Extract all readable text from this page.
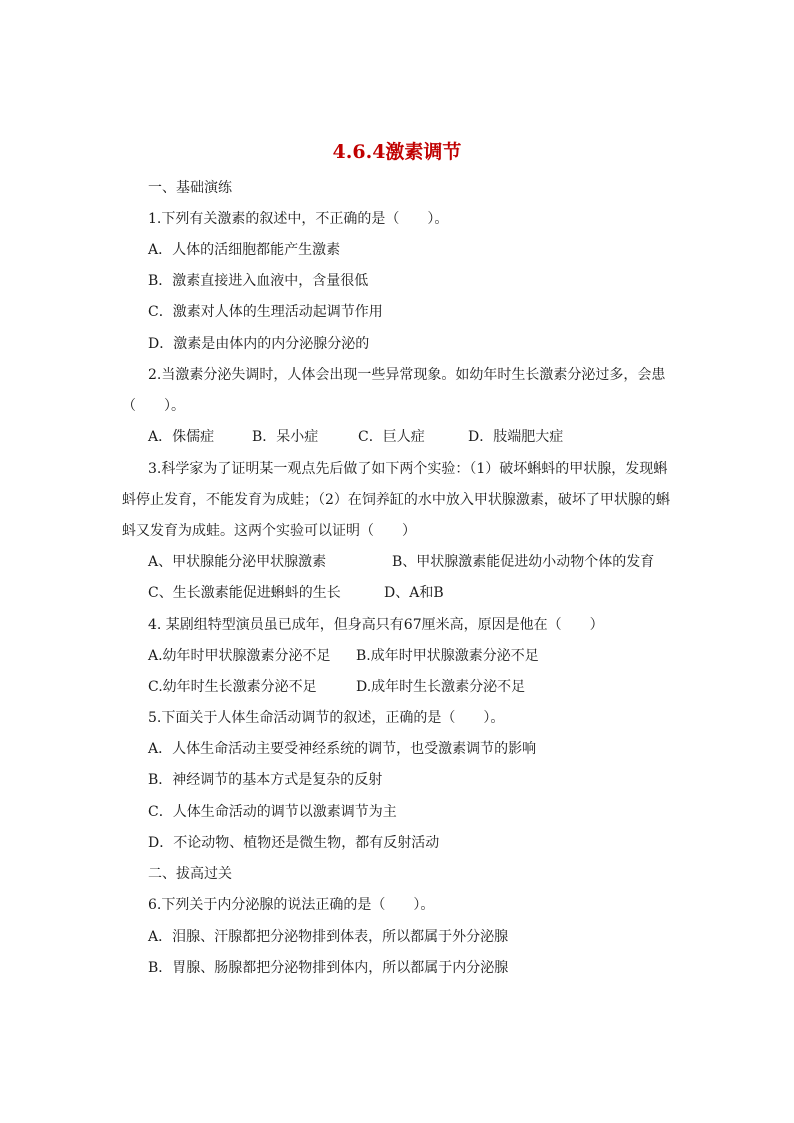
4.6.4激素调节
一、基础演练
1.下列有关激素的叙述中，不正确的是（　　）。
A．人体的活细胞都能产生激素
B．激素直接进入血液中，含量很低
C．激素对人体的生理活动起调节作用
D．激素是由体内的内分泌腺分泌的
2.当激素分泌失调时，人体会出现一些异常现象。如幼年时生长激素分泌过多，会患
（　　）。
A．侏儒症	B．呆小症	C．巨人症	D．肢端肥大症
3.科学家为了证明某一观点先后做了如下两个实验：（1）破坏蝌蚪的甲状腺，发现蝌
蚪停止发育，不能发育为成蛙；（2）在饲养缸的水中放入甲状腺激素，破坏了甲状腺的蝌
蚪又发育为成蛙。这两个实验可以证明（　　）
A、甲状腺能分泌甲状腺激素	B、甲状腺激素能促进幼小动物个体的发育
C、生长激素能促进蝌蚪的生长	D、A和B
4. 某剧组特型演员虽已成年，但身高只有67厘米高，原因是他在（　　）
A.幼年时甲状腺激素分泌不足 B.成年时甲状腺激素分泌不足
C.幼年时生长激素分泌不足	D.成年时生长激素分泌不足
5.下面关于人体生命活动调节的叙述，正确的是（　　）。
A．人体生命活动主要受神经系统的调节，也受激素调节的影响
B．神经调节的基本方式是复杂的反射
C．人体生命活动的调节以激素调节为主
D．不论动物、植物还是微生物，都有反射活动
二、拔高过关
6.下列关于内分泌腺的说法正确的是（　　）。
A．泪腺、汗腺都把分泌物排到体表，所以都属于外分泌腺
B．胃腺、肠腺都把分泌物排到体内，所以都属于内分泌腺
